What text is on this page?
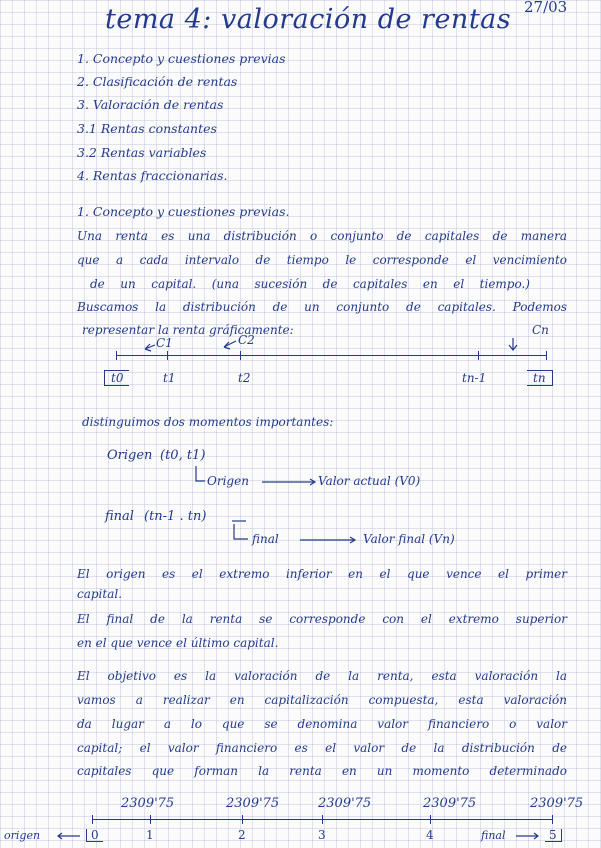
tema 4: valoración de rentas 27/03
1. Concepto y cuestiones previas
2. Clasificación de rentas
3. Valoración de rentas
3.1 Rentas constantes
3.2 Rentas variables
4. Rentas fraccionarias.
1. Concepto y cuestiones previas.
Una renta es una distribución o conjunto de capitales de manera
que a cada intervalo de tiempo le corresponde el vencimiento
de un capital. (una sucesión de capitales en el tiempo.)
Buscamos la distribución de un conjunto de capitales. Podemos
representar la renta gráficamente:
C1	C2
Cn
t0	t1	t2	tn-1	tn
distinguimos dos momentos importantes:
Origen (t0, t1)
Origen	Valor actual (V0)
final (tn-1 . tn)
final	Valor final (Vn)
El origen es el extremo inferior en el que vence el primer
capital.
El final de la renta se corresponde con el extremo superior
en el que vence el último capital.
El objetivo es la valoración de la renta, esta valoración la
vamos a realizar en capitalización compuesta, esta valoración
da lugar a lo que se denomina valor financiero o valor
capital; el valor financiero es el valor de la distribución de
capitales que forman la renta en un momento determinado
2309'75	2309'75	2309'75	2309'75	2309'75
0	1	2	3	4	5
origen	final
